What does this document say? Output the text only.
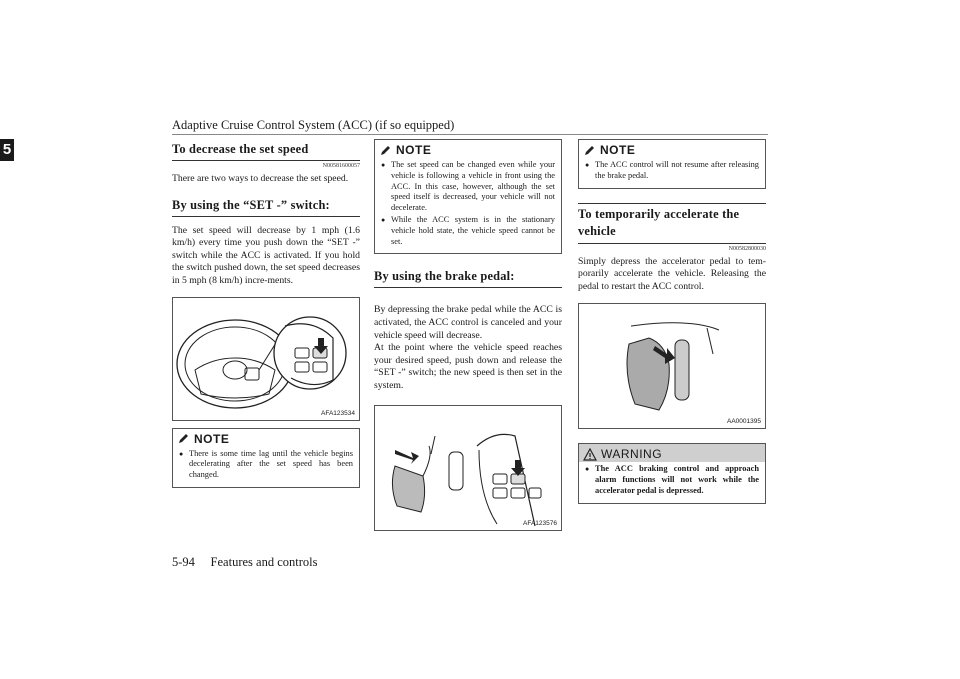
Adaptive Cruise Control System (ACC) (if so equipped)
5
5-94 Features and controls
To decrease the set speed
N00581600057

There are two ways to decrease the set speed.

By using the “SET -” switch:

The set speed will decrease by 1 mph (1.6 km/h) every time you push down the “SET -” switch while the ACC is activated. If you hold the switch pushed down, the set speed decreases in 5 mph (8 km/h) incre-ments.

AFA123534
NOTE
● There is some time lag until the vehicle begins decelerating after the set speed has been changed.
NOTE
● The set speed can be changed even while your vehicle is following a vehicle in front using the ACC. In this case, however, although the set speed itself is decreased, your vehicle will not decelerate.
● While the ACC system is in the stationary vehicle hold state, the vehicle speed cannot be set.
By using the brake pedal:

By depressing the brake pedal while the ACC is activated, the ACC control is canceled and your vehicle speed will decrease.

At the point where the vehicle speed reaches your desired speed, push down and release the “SET -” switch; the new speed is then set in the system.

AFA123576
NOTE
● The ACC control will not resume after releasing the brake pedal.
To temporarily accelerate the vehicle
N00582800030

Simply depress the accelerator pedal to tem-porarily accelerate the vehicle. Releasing the pedal to restart the ACC control.

AA0001395
WARNING
● The ACC braking control and approach alarm functions will not work while the accelerator pedal is depressed.
